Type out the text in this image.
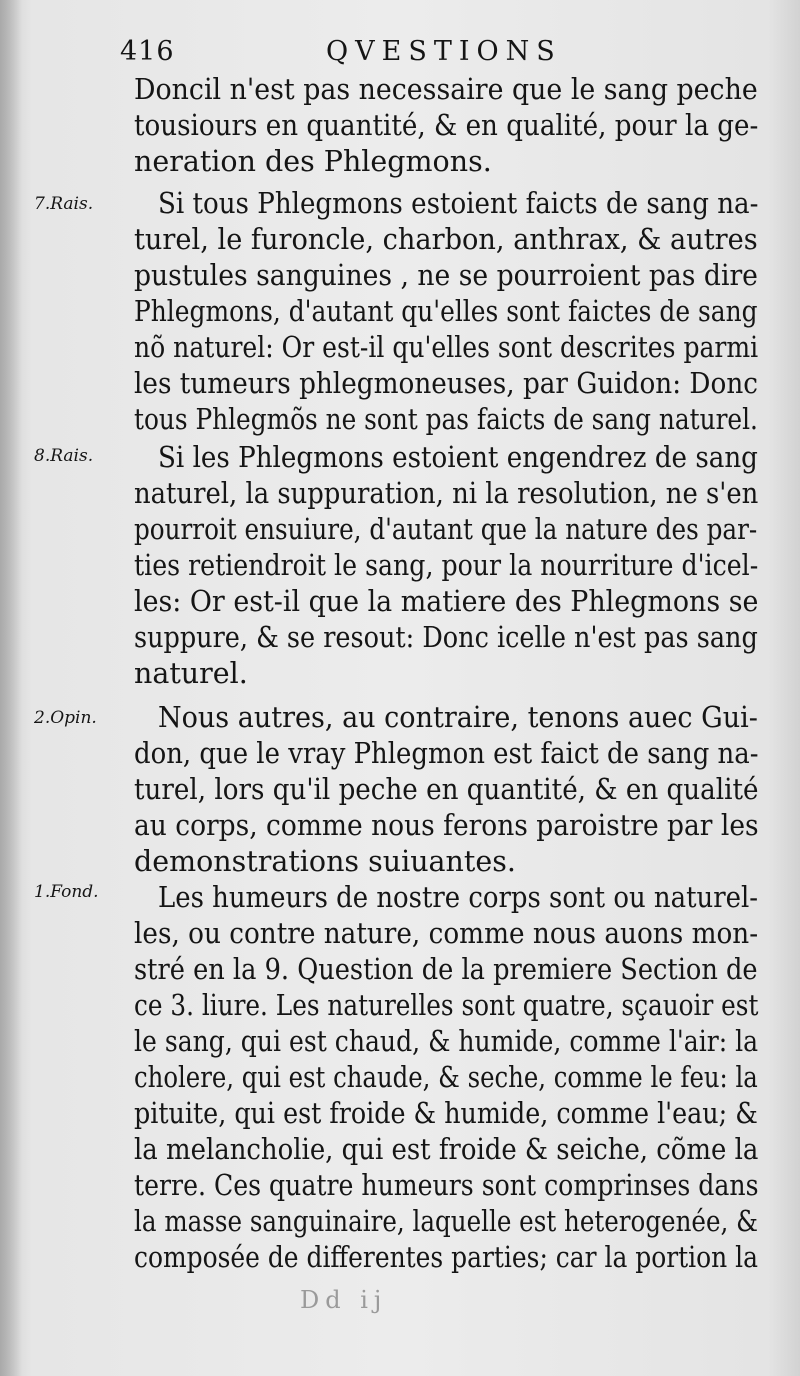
416	QVESTIONS
7.Rais.
8.Rais.
2.Opin.
1.Fond.
Doncil n'est pas necessaire que le sang peche
tousiours en quantité, & en qualité, pour la ge-
neration des Phlegmons.
Si tous Phlegmons estoient faicts de sang na-
turel, le furoncle, charbon, anthrax, & autres
pustules sanguines , ne se pourroient pas dire
Phlegmons, d'autant qu'elles sont faictes de sang
nõ naturel: Or est-il qu'elles sont descrites parmi
les tumeurs phlegmoneuses, par Guidon: Donc
tous Phlegmõs ne sont pas faicts de sang naturel.
Si les Phlegmons estoient engendrez de sang
naturel, la suppuration, ni la resolution, ne s'en
pourroit ensuiure, d'autant que la nature des par-
ties retiendroit le sang, pour la nourriture d'icel-
les: Or est-il que la matiere des Phlegmons se
suppure, & se resout: Donc icelle n'est pas sang
naturel.
Nous autres, au contraire, tenons auec Gui-
don, que le vray Phlegmon est faict de sang na-
turel, lors qu'il peche en quantité, & en qualité
au corps, comme nous ferons paroistre par les
demonstrations suiuantes.
Les humeurs de nostre corps sont ou naturel-
les, ou contre nature, comme nous auons mon-
stré en la 9. Question de la premiere Section de
ce 3. liure. Les naturelles sont quatre, sçauoir est
le sang, qui est chaud, & humide, comme l'air: la
cholere, qui est chaude, & seche, comme le feu: la
pituite, qui est froide & humide, comme l'eau; &
la melancholie, qui est froide & seiche, cõme la
terre. Ces quatre humeurs sont comprinses dans
la masse sanguinaire, laquelle est heterogenée, &
composée de differentes parties; car la portion la
Dd ij
